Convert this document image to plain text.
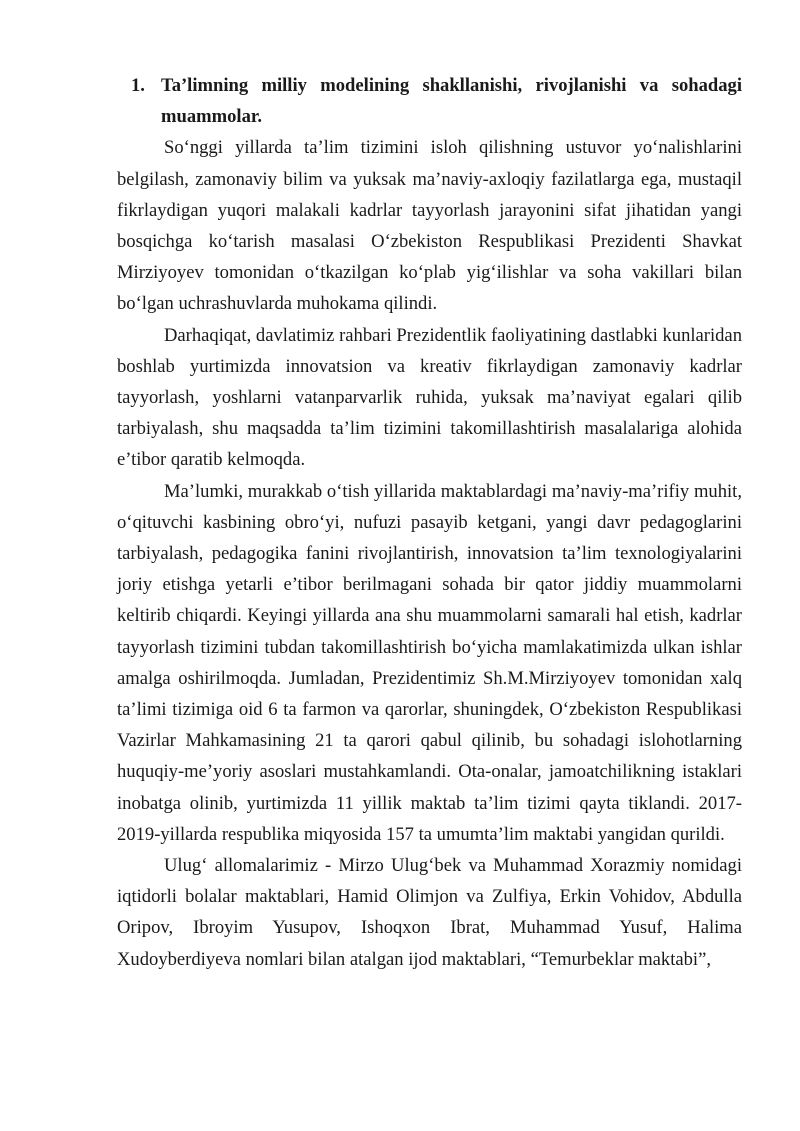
1. Ta’limning milliy modelining shakllanishi, rivojlanishi va sohadagi muammolar.

So‘nggi yillarda ta’lim tizimini isloh qilishning ustuvor yo‘nalishlarini belgilash, zamonaviy bilim va yuksak ma’naviy-axloqiy fazilatlarga ega, mustaqil fikrlaydigan yuqori malakali kadrlar tayyorlash jarayonini sifat jihatidan yangi bosqichga ko‘tarish masalasi O‘zbekiston Respublikasi Prezidenti Shavkat Mirziyoyev tomonidan o‘tkazilgan ko‘plab yig‘ilishlar va soha vakillari bilan bo‘lgan uchrashuvlarda muhokama qilindi.

Darhaqiqat, davlatimiz rahbari Prezidentlik faoliyatining dastlabki kunlaridan boshlab yurtimizda innovatsion va kreativ fikrlaydigan zamonaviy kadrlar tayyorlash, yoshlarni vatanparvarlik ruhida, yuksak ma’naviyat egalari qilib tarbiyalash, shu maqsadda ta’lim tizimini takomillashtirish masalalariga alohida e’tibor qaratib kelmoqda.

Ma’lumki, murakkab o‘tish yillarida maktablardagi ma’naviy-ma’rifiy muhit, o‘qituvchi kasbining obro‘yi, nufuzi pasayib ketgani, yangi davr pedagoglarini tarbiyalash, pedagogika fanini rivojlantirish, innovatsion ta’lim texnologiyalarini joriy etishga yetarli e’tibor berilmagani sohada bir qator jiddiy muammolarni keltirib chiqardi. Keyingi yillarda ana shu muammolarni samarali hal etish, kadrlar tayyorlash tizimini tubdan takomillashtirish bo‘yicha mamlakatimizda ulkan ishlar amalga oshirilmoqda. Jumladan, Prezidentimiz Sh.M.Mirziyoyev tomonidan xalq ta’limi tizimiga oid 6 ta farmon va qarorlar, shuningdek, O‘zbekiston Respublikasi Vazirlar Mahkamasining 21 ta qarori qabul qilinib, bu sohadagi islohotlarning huquqiy-me’yoriy asoslari mustahkamlandi. Ota-onalar, jamoatchilikning istaklari inobatga olinib, yurtimizda 11 yillik maktab ta’lim tizimi qayta tiklandi. 2017-2019-yillarda respublika miqyosida 157 ta umumta’lim maktabi yangidan qurildi.

Ulug‘ allomalarimiz - Mirzo Ulug‘bek va Muhammad Xorazmiy nomidagi iqtidorli bolalar maktablari, Hamid Olimjon va Zulfiya, Erkin Vohidov, Abdulla Oripov, Ibroyim Yusupov, Ishoqxon Ibrat, Muhammad Yusuf, Halima Xudoyberdiyeva nomlari bilan atalgan ijod maktablari, “Temurbeklar maktabi”,
